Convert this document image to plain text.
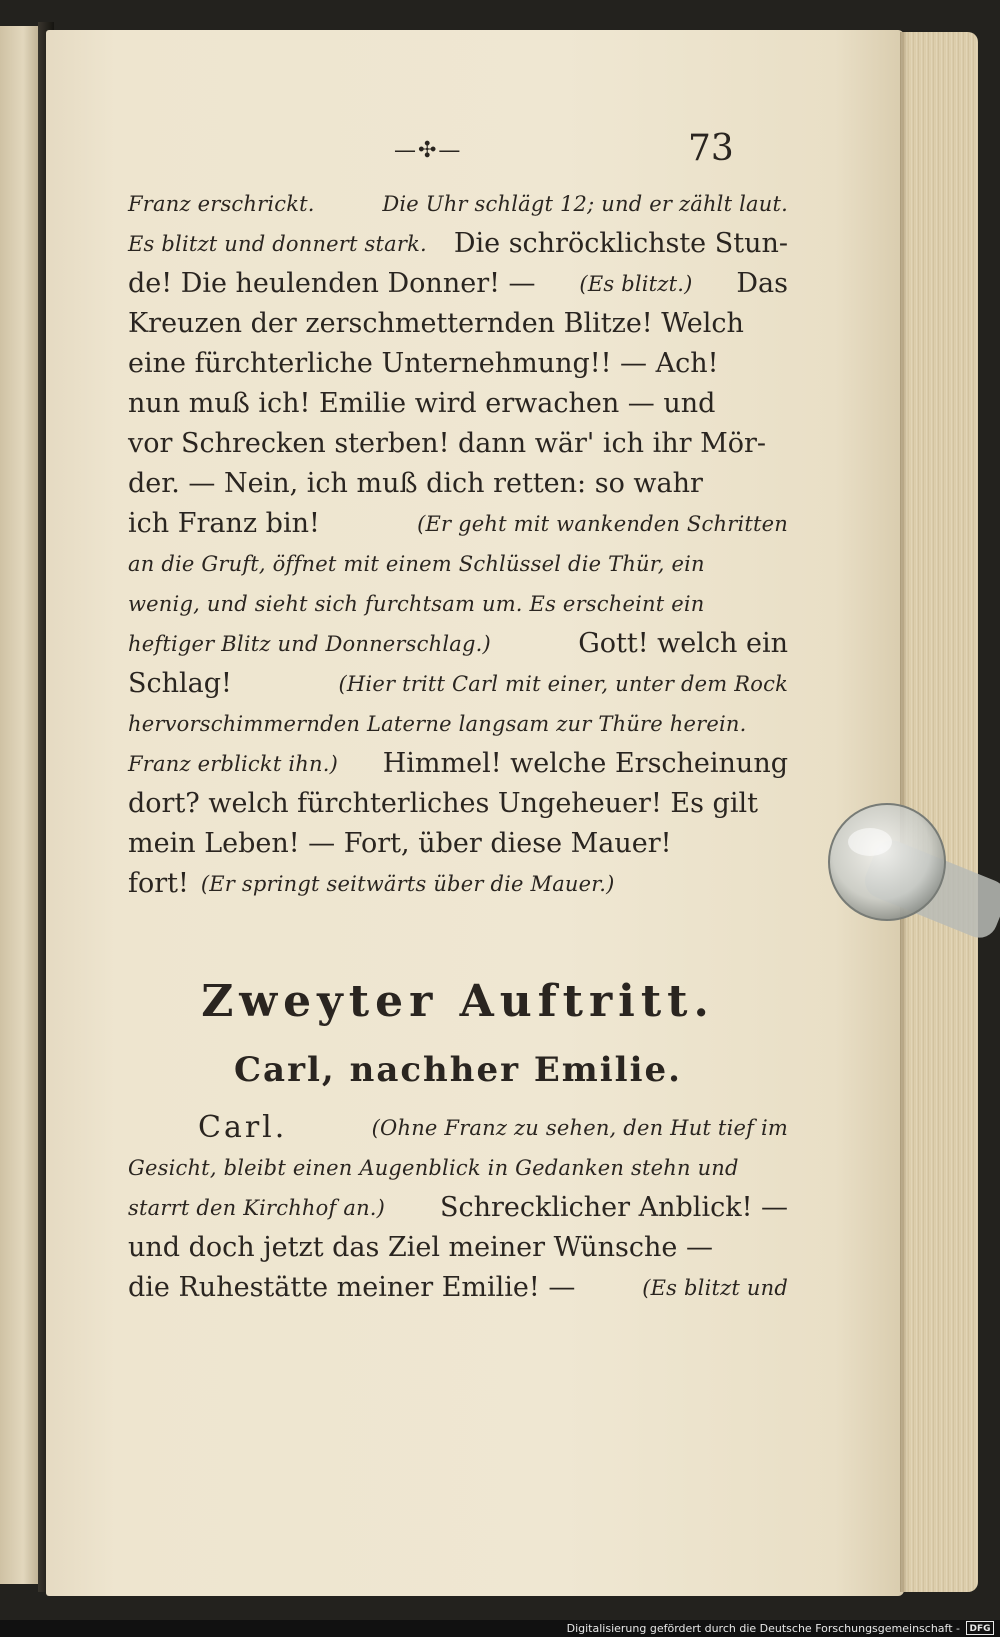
—✣—	73
Franz erschrickt.	Die Uhr schlägt 12; und er zählt laut.
Es blitzt und donnert stark. Die schröcklichste Stun-
de! Die heulenden Donner! — (Es blitzt.) Das
Kreuzen der zerschmetternden Blitze! Welch
eine fürchterliche Unternehmung!! — Ach!
nun muß ich! Emilie wird erwachen — und
vor Schrecken sterben! dann wär' ich ihr Mör-
der. — Nein, ich muß dich retten: so wahr
ich Franz bin!	(Er geht mit wankenden Schritten
an die Gruft, öffnet mit einem Schlüssel die Thür, ein
wenig, und sieht sich furchtsam um. Es erscheint ein
heftiger Blitz und Donnerschlag.)	Gott! welch ein
Schlag!	(Hier tritt Carl mit einer, unter dem Rock
hervorschimmernden Laterne langsam zur Thüre herein.
Franz erblickt ihn.) Himmel! welche Erscheinung
dort? welch fürchterliches Ungeheuer! Es gilt
mein Leben! — Fort, über diese Mauer!
fort! (Er springt seitwärts über die Mauer.)
Zweyter Auftritt.
Carl, nachher Emilie.
Carl.	(Ohne Franz zu sehen, den Hut tief im
Gesicht, bleibt einen Augenblick in Gedanken stehn und
starrt den Kirchhof an.) Schrecklicher Anblick! —
und doch jetzt das Ziel meiner Wünsche —
die Ruhestätte meiner Emilie! —	(Es blitzt und
Digitalisierung gefördert durch die Deutsche Forschungsgemeinschaft -	DFG
